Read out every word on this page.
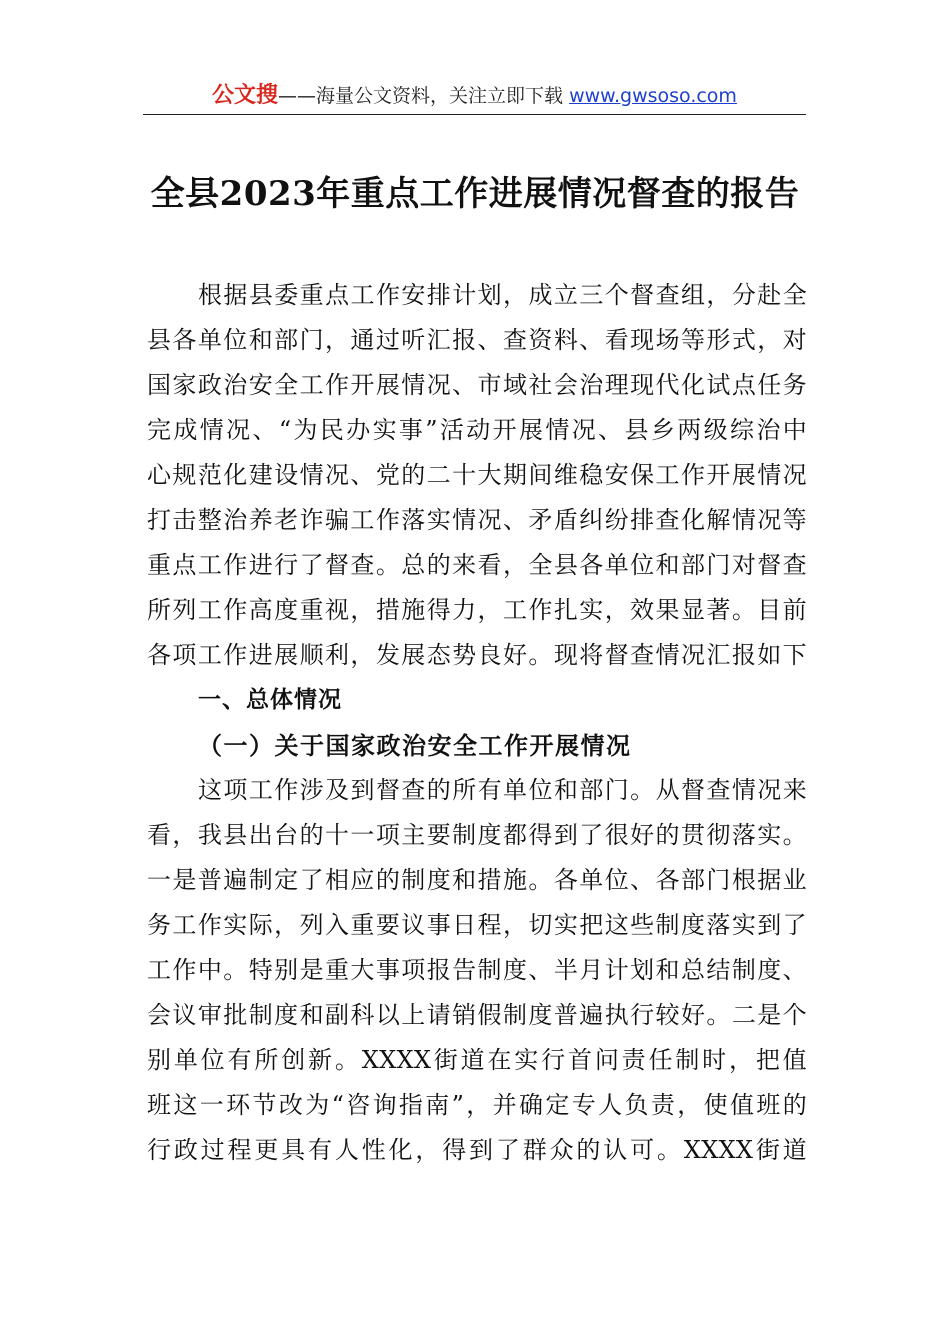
公文搜——海量公文资料，关注立即下载 www.gwsoso.com
全县2023年重点工作进展情况督查的报告
根据县委重点工作安排计划，成立三个督查组，分赴全
县各单位和部门，通过听汇报、查资料、看现场等形式，对
国家政治安全工作开展情况、市域社会治理现代化试点任务
完成情况、“为民办实事”活动开展情况、县乡两级综治中
心规范化建设情况、党的二十大期间维稳安保工作开展情况
打击整治养老诈骗工作落实情况、矛盾纠纷排查化解情况等
重点工作进行了督查。总的来看，全县各单位和部门对督查
所列工作高度重视，措施得力，工作扎实，效果显著。目前
各项工作进展顺利，发展态势良好。现将督查情况汇报如下
一、总体情况
（一）关于国家政治安全工作开展情况
这项工作涉及到督查的所有单位和部门。从督查情况来
看，我县出台的十一项主要制度都得到了很好的贯彻落实。
一是普遍制定了相应的制度和措施。各单位、各部门根据业
务工作实际，列入重要议事日程，切实把这些制度落实到了
工作中。特别是重大事项报告制度、半月计划和总结制度、
会议审批制度和副科以上请销假制度普遍执行较好。二是个
别单位有所创新。XXXX街道在实行首问责任制时，把值
班这一环节改为“咨询指南”，并确定专人负责，使值班的
行政过程更具有人性化，得到了群众的认可。XXXX街道
